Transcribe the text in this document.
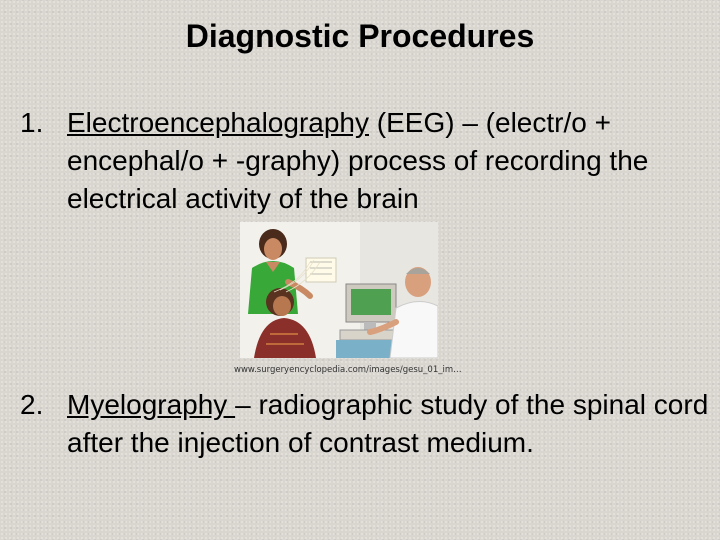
Diagnostic Procedures
1. Electroencephalography (EEG) – (electr/o + encephal/o + -graphy) process of recording the electrical activity of the brain
www.surgeryencyclopedia.com/images/gesu_01_im…
2. Myelography – radiographic study of the spinal cord after the injection of contrast medium.
